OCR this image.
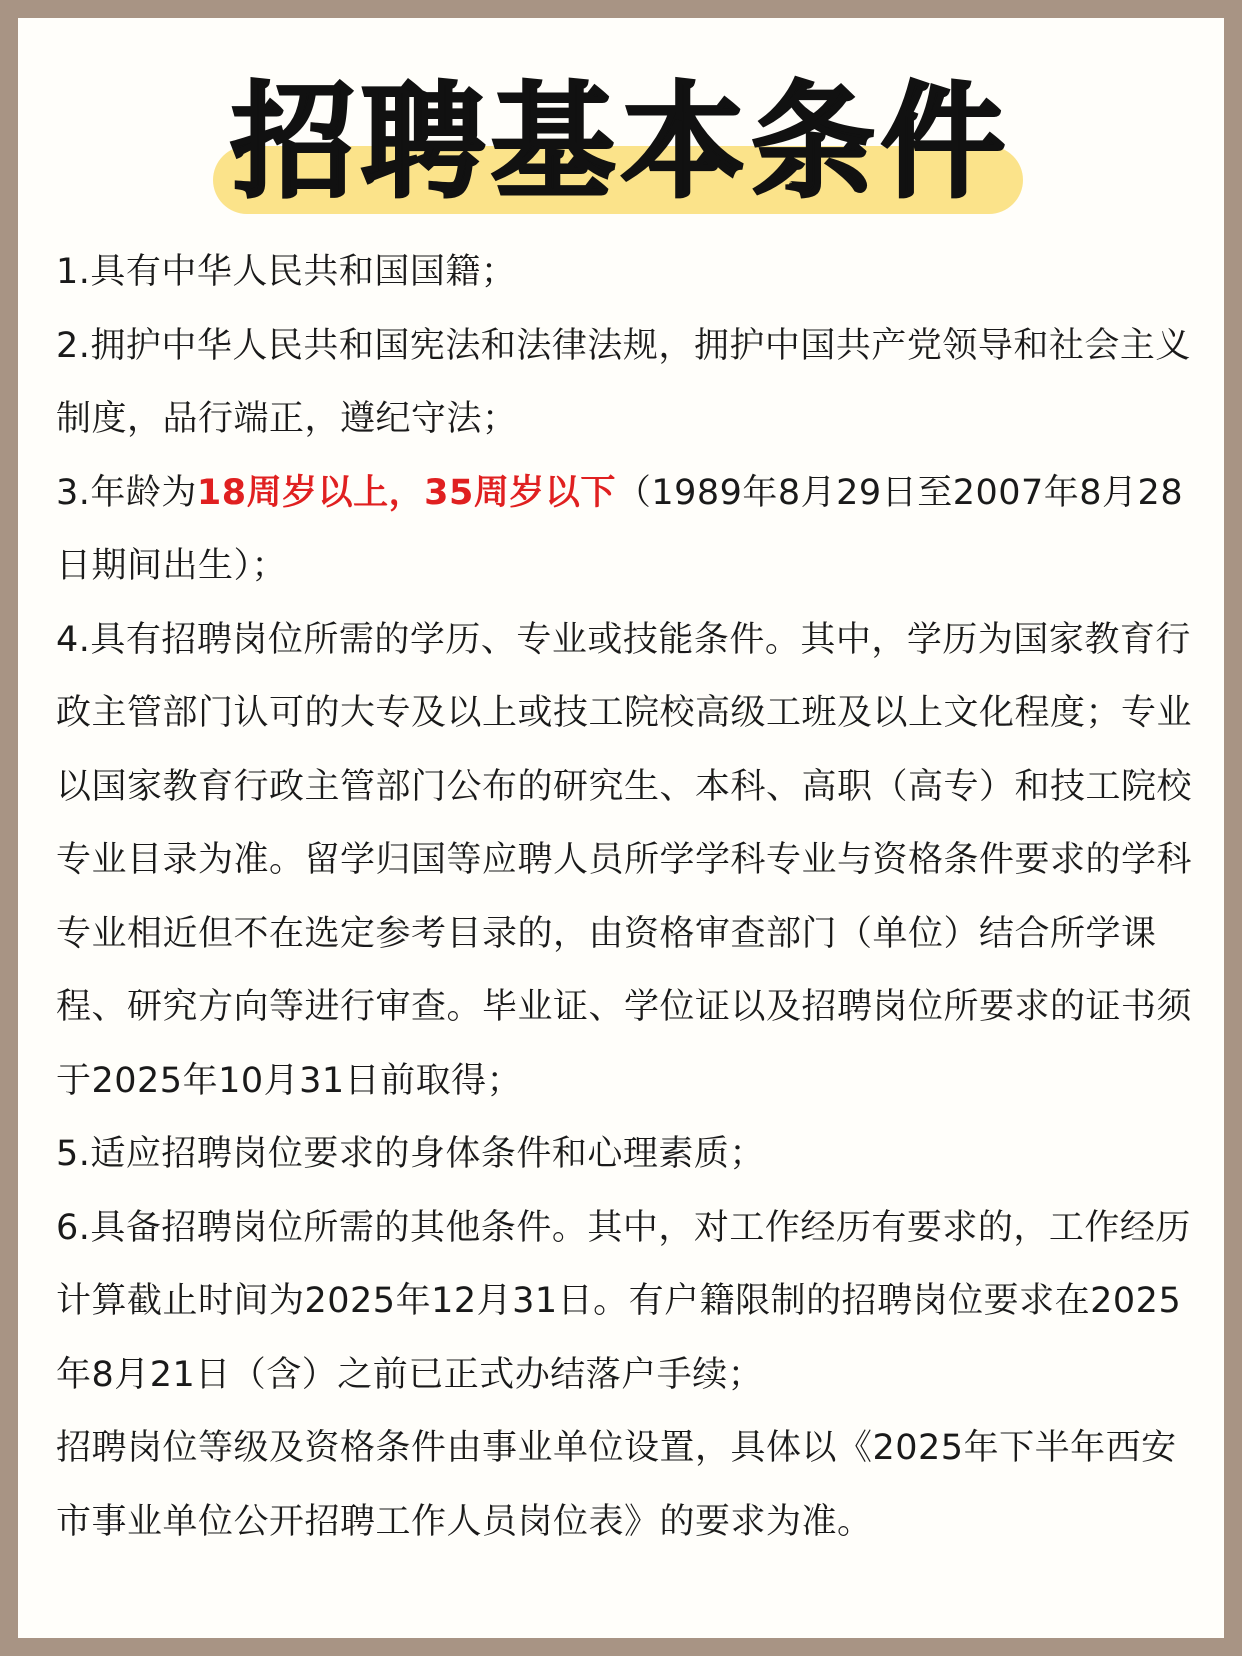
招聘基本条件

1.具有中华人民共和国国籍；

2.拥护中华人民共和国宪法和法律法规，拥护中国共产党领导和社会主义制度，品行端正，遵纪守法；

3.年龄为18周岁以上，35周岁以下（1989年8月29日至2007年8月28日期间出生）；

4.具有招聘岗位所需的学历、专业或技能条件。其中，学历为国家教育行政主管部门认可的大专及以上或技工院校高级工班及以上文化程度；专业以国家教育行政主管部门公布的研究生、本科、高职（高专）和技工院校专业目录为准。留学归国等应聘人员所学学科专业与资格条件要求的学科专业相近但不在选定参考目录的，由资格审查部门（单位）结合所学课程、研究方向等进行审查。毕业证、学位证以及招聘岗位所要求的证书须于2025年10月31日前取得；

5.适应招聘岗位要求的身体条件和心理素质；

6.具备招聘岗位所需的其他条件。其中，对工作经历有要求的，工作经历计算截止时间为2025年12月31日。有户籍限制的招聘岗位要求在2025年8月21日（含）之前已正式办结落户手续；

招聘岗位等级及资格条件由事业单位设置，具体以《2025年下半年西安市事业单位公开招聘工作人员岗位表》的要求为准。
